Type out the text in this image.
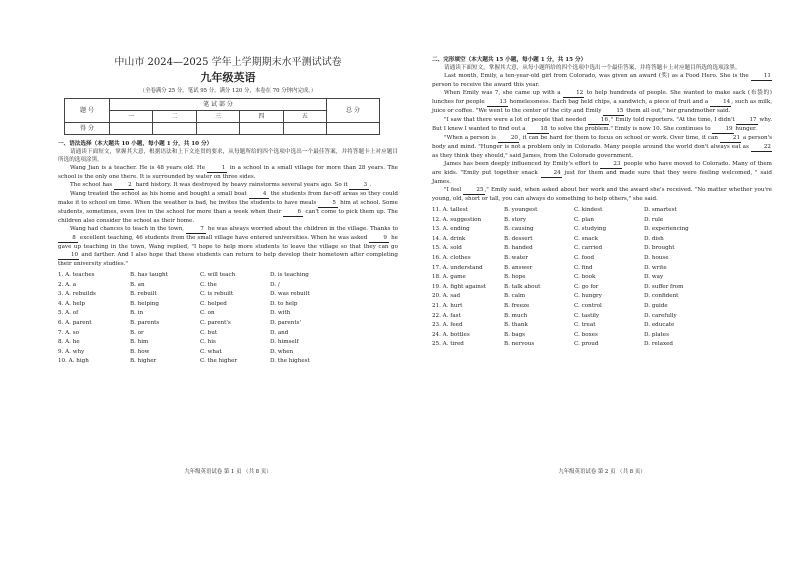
中山市 2024—2025 学年上学期期末水平测试试卷
九年级英语
（全卷满分 25 分，笔试 95 分，满分 120 分，本卷在 70 分钟内完成。）
题 号	笔 试 部 分					总 分
	一	二	三	四	五	
得 分						
一、语法选择（本大题共 10 小题，每小题 1 分，共 10 分）

请通读下面短文，掌握其大意，根据语法和上下文连贯的要求，从每题所给的四个选项中选出一个最佳答案，并将答题卡上对应题目所选的选项涂黑。

Wang Jian is a teacher. He is 48 years old. He	1 in a school in a small village for more than 28 years. The school is the only one there. It is surrounded by water on three sides.

The school has	2 hard history. It was destroyed by heavy rainstorms several years ago. So it	3 .

Wang treated the school as his home and bought a small boat	4 the students from far-off areas so they could make it to school on time. When the weather is bad, he invites the students to have meals	5 him at school. Some students, sometimes, even live in the school for more than a week when their	6 can't come to pick them up. The children also consider the school as their home.

Wang had chances to teach in the town,	7 he was always worried about the children in the village. Thanks to 8 excellent teaching, 46 students from the small village have entered universities. When he was asked	9 he gave up teaching in the town, Wang replied, "I hope to help more students to leave the village so that they can go 10 and farther. And I also hope that these students can return to help develop their hometown after completing their university studies."

1. A. teaches	B. has taught	C. will teach	D. is teaching
2. A. a	B. an	C. the	D. /
3. A. rebuilds	B. rebuilt	C. is rebuilt	D. was rebuilt
4. A. help	B. helping	C. helped	D. to help
5. A. of	B. in	C. on	D. with
6. A. parent	B. parents	C. parent's	D. parents'
7. A. so	B. or	C. but	D. and
8. A. he	B. him	C. his	D. himself
9. A. why	B. how	C. what	D. when
10. A. high	B. higher	C. the higher	D. the highest
九年级英语试卷 第 1 页 （共 8 页）
二、完形填空（本大题共 15 小题，每小题 1 分，共 15 分）

请通读下面短文，掌握其大意，从每小题所给的四个选项中选出一个最佳答案，并将答题卡上对应题目所选的选项涂黑。

Last month, Emily, a ten-year-old girl from Colorado, was given an award (奖) as a Food Hero. She is the 11 person to receive the award this year.

When Emily was 7, she came up with a 12 to help hundreds of people. She wanted to make sack (布袋的) lunches for people 13 homelessness. Each bag held chips, a sandwich, a piece of fruit and a 14, such as milk, juice or coffee. "We went to the center of the city and Emily 15 them all out," her grandmother said.

"I saw that there were a lot of people that needed 16," Emily told reporters. "At the time, I didn't 17 why. But I knew I wanted to find out a 18 to solve the problem." Emily is now 10. She continues to 19 hunger.

"When a person is 20, it can be hard for them to focus on school or work. Over time, it can 21 a person's body and mind. "Hunger is not a problem only in Colorado. Many people around the world don't always eat as 22 as they think they should," said James, from the Colorado government.

James has been deeply influenced by Emily's effort to 23 people who have moved to Colorado. Many of them are kids. "Emily put together snack 24 just for them and made sure that they were feeling welcomed, " said James.

"I feel 25," Emily said, when asked about her work and the award she's received. "No matter whether you're young, old, short or tall, you can always do something to help others," she said.

11. A. tallest	B. youngest	C. kindest	D. smartest
12. A. suggestion	B. story	C. plan	D. rule
13. A. ending	B. causing	C. studying	D. experiencing
14. A. drink	B. dessert	C. snack	D. dish
15. A. sold	B. handed	C. carried	D. brought
16. A. clothes	B. water	C. food	D. house
17. A. understand	B. answer	C. find	D. write
18. A. game	B. hope	C. book	D. way
19. A. fight against	B. talk about	C. go for	D. suffer from
20. A. sad	B. calm	C. hungry	D. confident
21. A. hurt	B. freeze	C. control	D. guide
22. A. fast	B. much	C. tastily	D. carefully
23. A. feed	B. thank	C. treat	D. educate
24. A. bottles	B. bags	C. boxes	D. plates
25. A. tired	B. nervous	C. proud	D. relaxed
九年级英语试卷 第 2 页 （共 8 页）
